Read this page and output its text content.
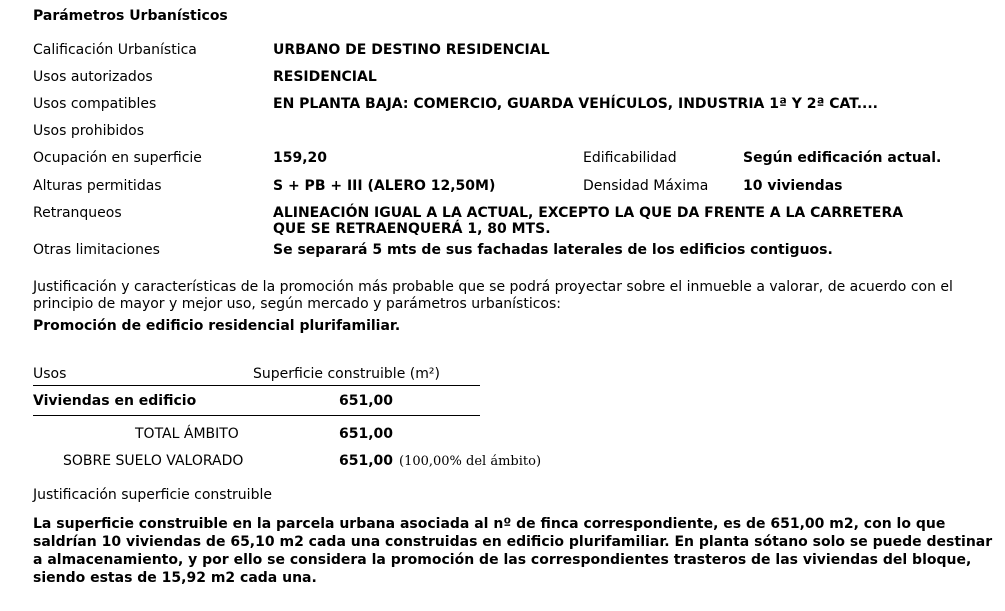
Parámetros Urbanísticos
Calificación Urbanística	URBANO DE DESTINO RESIDENCIAL
Usos autorizados	RESIDENCIAL
Usos compatibles	EN PLANTA BAJA: COMERCIO, GUARDA VEHÍCULOS, INDUSTRIA 1ª Y 2ª CAT....
Usos prohibidos
Ocupación en superficie	159,20	Edificabilidad	Según edificación actual.
Alturas permitidas	S + PB + III (ALERO 12,50M)	Densidad Máxima 10 viviendas
Retranqueos	ALINEACIÓN IGUAL A LA ACTUAL, EXCEPTO LA QUE DA FRENTE A LA CARRETERA
QUE SE RETRAENQUERÁ 1, 80 MTS.
Otras limitaciones	Se separará 5 mts de sus fachadas laterales de los edificios contiguos.
Justificación y características de la promoción más probable que se podrá proyectar sobre el inmueble a valorar, de acuerdo con el
principio de mayor y mejor uso, según mercado y parámetros urbanísticos:
Promoción de edificio residencial plurifamiliar.
Usos	Superficie construible (m²)
Viviendas en edificio	651,00
TOTAL ÁMBITO	651,00
SOBRE SUELO VALORADO	651,00 (100,00% del ámbito)
Justificación superficie construible
La superficie construible en la parcela urbana asociada al nº de finca correspondiente, es de 651,00 m2, con lo que
saldrían 10 viviendas de 65,10 m2 cada una construidas en edificio plurifamiliar. En planta sótano solo se puede destinar
a almacenamiento, y por ello se considera la promoción de las correspondientes trasteros de las viviendas del bloque,
siendo estas de 15,92 m2 cada una.
